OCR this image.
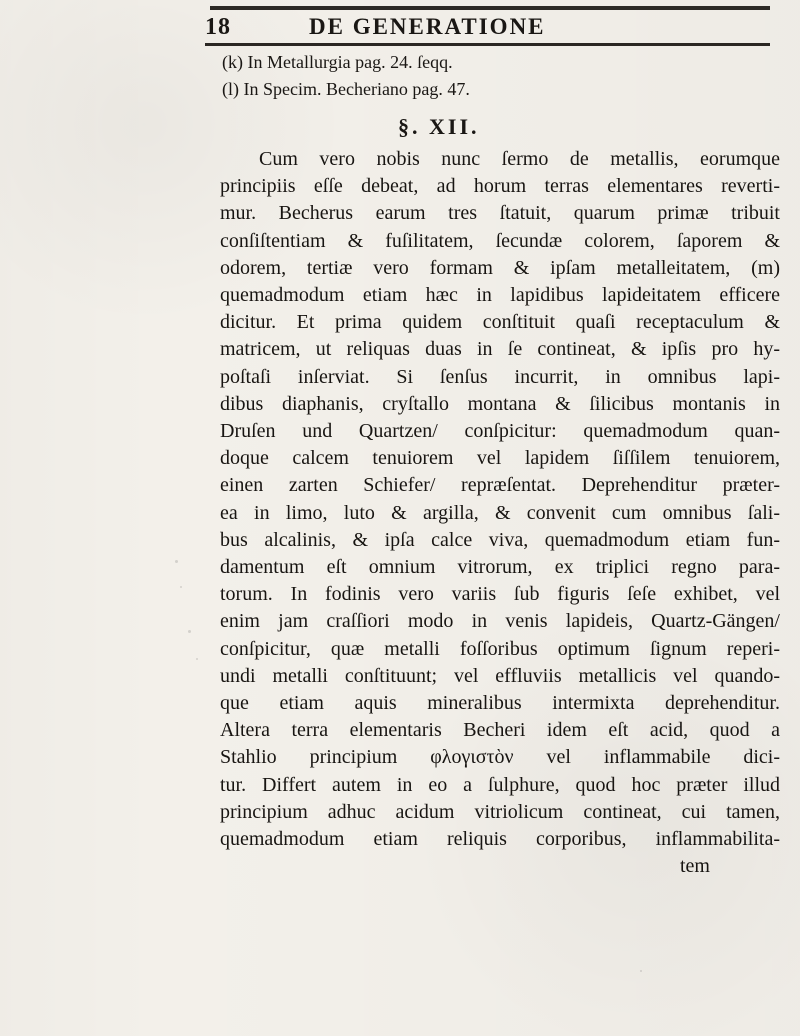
18	DE GENERATIONE
(k) In Metallurgia pag. 24. ſeqq.
(l) In Specim. Becheriano pag. 47.
§. XII.
Cum vero nobis nunc ſermo de metallis, eorumque
principiis eſſe debeat, ad horum terras elementares reverti-
mur. Becherus earum tres ſtatuit, quarum primæ tribuit
conſiſtentiam & fuſilitatem, ſecundæ colorem, ſaporem &
odorem, tertiæ vero formam & ipſam metalleitatem, (m)
quemadmodum etiam hæc in lapidibus lapideitatem efficere
dicitur. Et prima quidem conſtituit quaſi receptaculum &
matricem, ut reliquas duas in ſe contineat, & ipſis pro hy-
poſtaſi inſerviat. Si ſenſus incurrit, in omnibus lapi-
dibus diaphanis, cryſtallo montana & ſilicibus montanis in
Druſen und Quartzen/ conſpicitur: quemadmodum quan-
doque calcem tenuiorem vel lapidem ſiſſilem tenuiorem,
einen zarten Schiefer/ repræſentat. Deprehenditur præter-
ea in limo, luto & argilla, & convenit cum omnibus ſali-
bus alcalinis, & ipſa calce viva, quemadmodum etiam fun-
damentum eſt omnium vitrorum, ex triplici regno para-
torum. In fodinis vero variis ſub figuris ſeſe exhibet, vel
enim jam craſſiori modo in venis lapideis, Quartz-Gängen/
conſpicitur, quæ metalli foſſoribus optimum ſignum reperi-
undi metalli conſtituunt; vel effluviis metallicis vel quando-
que etiam aquis mineralibus intermixta deprehenditur.
Altera terra elementaris Becheri idem eſt acid, quod a
Stahlio principium φλογιστὸν vel inflammabile dici-
tur. Differt autem in eo a ſulphure, quod hoc præter illud
principium adhuc acidum vitriolicum contineat, cui tamen,
quemadmodum etiam reliquis corporibus, inflammabilita-
tem
